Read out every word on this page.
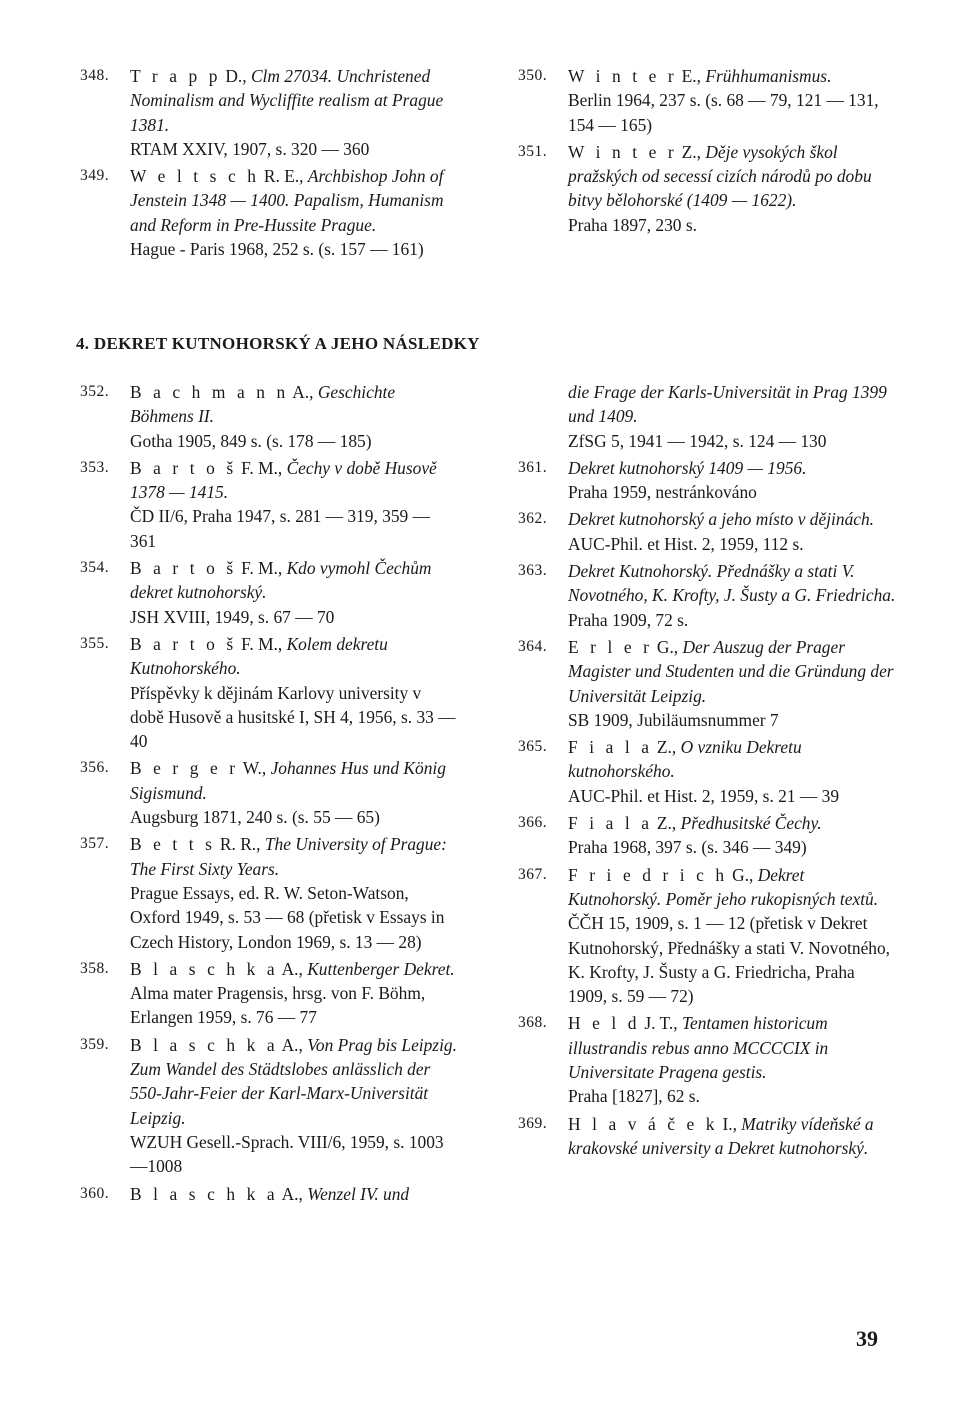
348. T r a p p D., Clm 27034. Unchristened Nominalism and Wycliffite realism at Prague 1381.
RTAM XXIV, 1907, s. 320 — 360
349. W e l t s c h R. E., Archbishop John of Jenstein 1348 — 1400. Papalism, Humanism and Reform in Pre-Hussite Prague.
Hague - Paris 1968, 252 s. (s. 157 — 161)
350. W i n t e r E., Frühhumanismus.
Berlin 1964, 237 s. (s. 68 — 79, 121 — 131, 154 — 165)
351. W i n t e r Z., Děje vysokých škol pražských od secessí cizích národů po dobu bitvy bělohorské (1409 — 1622).
Praha 1897, 230 s.
4. DEKRET KUTNOHORSKÝ A JEHO NÁSLEDKY
352. B a c h m a n n A., Geschichte Böhmens II.
Gotha 1905, 849 s. (s. 178 — 185)
353. B a r t o š F. M., Čechy v době Husově 1378 — 1415.
ČD II/6, Praha 1947, s. 281 — 319, 359 — 361
354. B a r t o š F. M., Kdo vymohl Čechům dekret kutnohorský.
JSH XVIII, 1949, s. 67 — 70
355. B a r t o š F. M., Kolem dekretu Kutnohorského.
Příspěvky k dějinám Karlovy university v době Husově a husitské I, SH 4, 1956, s. 33 — 40
356. B e r g e r W., Johannes Hus und König Sigismund.
Augsburg 1871, 240 s. (s. 55 — 65)
357. B e t t s R. R., The University of Prague: The First Sixty Years.
Prague Essays, ed. R. W. Seton-Watson, Oxford 1949, s. 53 — 68 (přetisk v Essays in Czech History, London 1969, s. 13 — 28)
358. B l a s c h k a A., Kuttenberger Dekret.
Alma mater Pragensis, hrsg. von F. Böhm, Erlangen 1959, s. 76 — 77
359. B l a s c h k a A., Von Prag bis Leipzig. Zum Wandel des Städtslobes anlässlich der 550-Jahr-Feier der Karl-Marx-Universität Leipzig.
WZUH Gesell.-Sprach. VIII/6, 1959, s. 1003—1008
360. B l a s c h k a A., Wenzel IV. und
die Frage der Karls-Universität in Prag 1399 und 1409.
ZfSG 5, 1941 — 1942, s. 124 — 130
361. Dekret kutnohorský 1409 — 1956.
Praha 1959, nestránkováno
362. Dekret kutnohorský a jeho místo v dějinách.
AUC-Phil. et Hist. 2, 1959, 112 s.
363. Dekret Kutnohorský. Přednášky a stati V. Novotného, K. Krofty, J. Šusty a G. Friedricha.
Praha 1909, 72 s.
364. E r l e r G., Der Auszug der Prager Magister und Studenten und die Gründung der Universität Leipzig.
SB 1909, Jubiläumsnummer 7
365. F i a l a Z., O vzniku Dekretu kutnohorského.
AUC-Phil. et Hist. 2, 1959, s. 21 — 39
366. F i a l a Z., Předhusitské Čechy.
Praha 1968, 397 s. (s. 346 — 349)
367. F r i e d r i c h G., Dekret Kutnohorský. Poměr jeho rukopisných textů.
ČČH 15, 1909, s. 1 — 12 (přetisk v Dekret Kutnohorský, Přednášky a stati V. Novotného, K. Krofty, J. Šusty a G. Friedricha, Praha 1909, s. 59 — 72)
368. H e l d J. T., Tentamen historicum illustrandis rebus anno MCCCCIX in Universitate Pragena gestis.
Praha [1827], 62 s.
369. H l a v á č e k I., Matriky vídeňské a krakovské university a Dekret kutnohorský.
39
